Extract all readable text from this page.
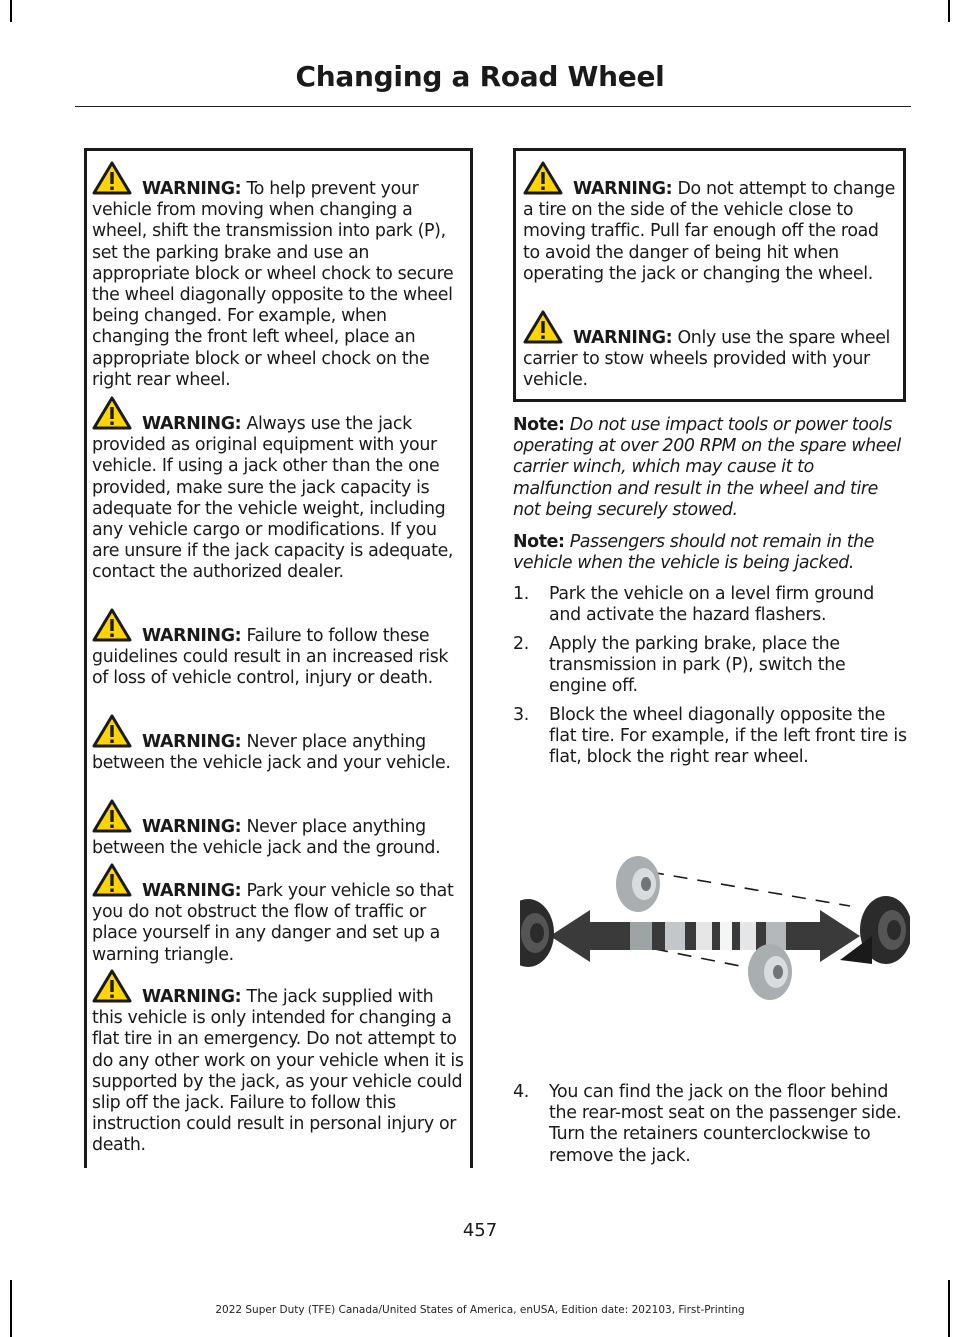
Changing a Road Wheel
WARNING: To help prevent your vehicle from moving when changing a wheel, shift the transmission into park (P), set the parking brake and use an appropriate block or wheel chock to secure the wheel diagonally opposite to the wheel being changed. For example, when changing the front left wheel, place an appropriate block or wheel chock on the right rear wheel.
WARNING: Always use the jack provided as original equipment with your vehicle. If using a jack other than the one provided, make sure the jack capacity is adequate for the vehicle weight, including any vehicle cargo or modifications. If you are unsure if the jack capacity is adequate, contact the authorized dealer.
WARNING: Failure to follow these guidelines could result in an increased risk of loss of vehicle control, injury or death.
WARNING: Never place anything between the vehicle jack and your vehicle.
WARNING: Never place anything between the vehicle jack and the ground.
WARNING: Park your vehicle so that you do not obstruct the flow of traffic or place yourself in any danger and set up a warning triangle.
WARNING: The jack supplied with this vehicle is only intended for changing a flat tire in an emergency. Do not attempt to do any other work on your vehicle when it is supported by the jack, as your vehicle could slip off the jack. Failure to follow this instruction could result in personal injury or death.
WARNING: Do not attempt to change a tire on the side of the vehicle close to moving traffic. Pull far enough off the road to avoid the danger of being hit when operating the jack or changing the wheel.
WARNING: Only use the spare wheel carrier to stow wheels provided with your vehicle.
Note: Do not use impact tools or power tools operating at over 200 RPM on the spare wheel carrier winch, which may cause it to malfunction and result in the wheel and tire not being securely stowed.
Note: Passengers should not remain in the vehicle when the vehicle is being jacked.
1. Park the vehicle on a level firm ground and activate the hazard flashers.
2. Apply the parking brake, place the transmission in park (P), switch the engine off.
3. Block the wheel diagonally opposite the flat tire. For example, if the left front tire is flat, block the right rear wheel.
4. You can find the jack on the floor behind the rear-most seat on the passenger side. Turn the retainers counterclockwise to remove the jack.
457
2022 Super Duty (TFE) Canada/United States of America, enUSA, Edition date: 202103, First-Printing
